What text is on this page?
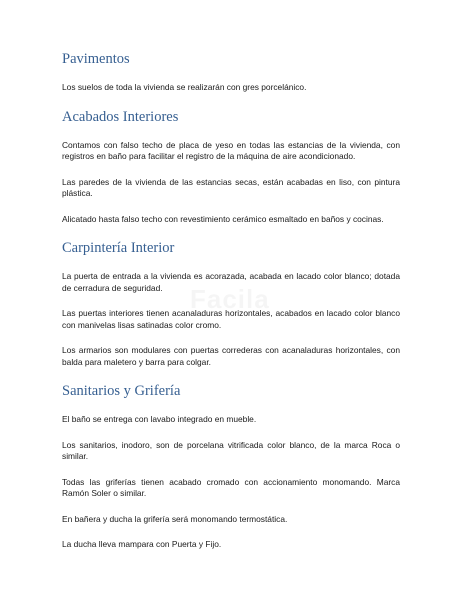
Pavimentos

Los suelos de toda la vivienda se realizarán con gres porcelánico.

Acabados Interiores

Contamos con falso techo de placa de yeso en todas las estancias de la vivienda, con registros en baño para facilitar el registro de la máquina de aire acondicionado.

Las paredes de la vivienda de las estancias secas, están acabadas en liso, con pintura plástica.

Alicatado hasta falso techo con revestimiento cerámico esmaltado en baños y cocinas.

Carpintería Interior

La puerta de entrada a la vivienda es acorazada, acabada en lacado color blanco; dotada de cerradura de seguridad.

Las puertas interiores tienen acanaladuras horizontales, acabados en lacado color blanco con manivelas lisas satinadas color cromo.

Los armarios son modulares con puertas correderas con acanaladuras horizontales, con balda para maletero y barra para colgar.

Sanitarios y Grifería

El baño se entrega con lavabo integrado en mueble.

Los sanitarios, inodoro, son de porcelana vitrificada color blanco, de la marca Roca o similar.

Todas las griferías tienen acabado cromado con accionamiento monomando. Marca Ramón Soler o similar.

En bañera y ducha la grifería será monomando termostática.

La ducha lleva mampara con Puerta y Fijo.
